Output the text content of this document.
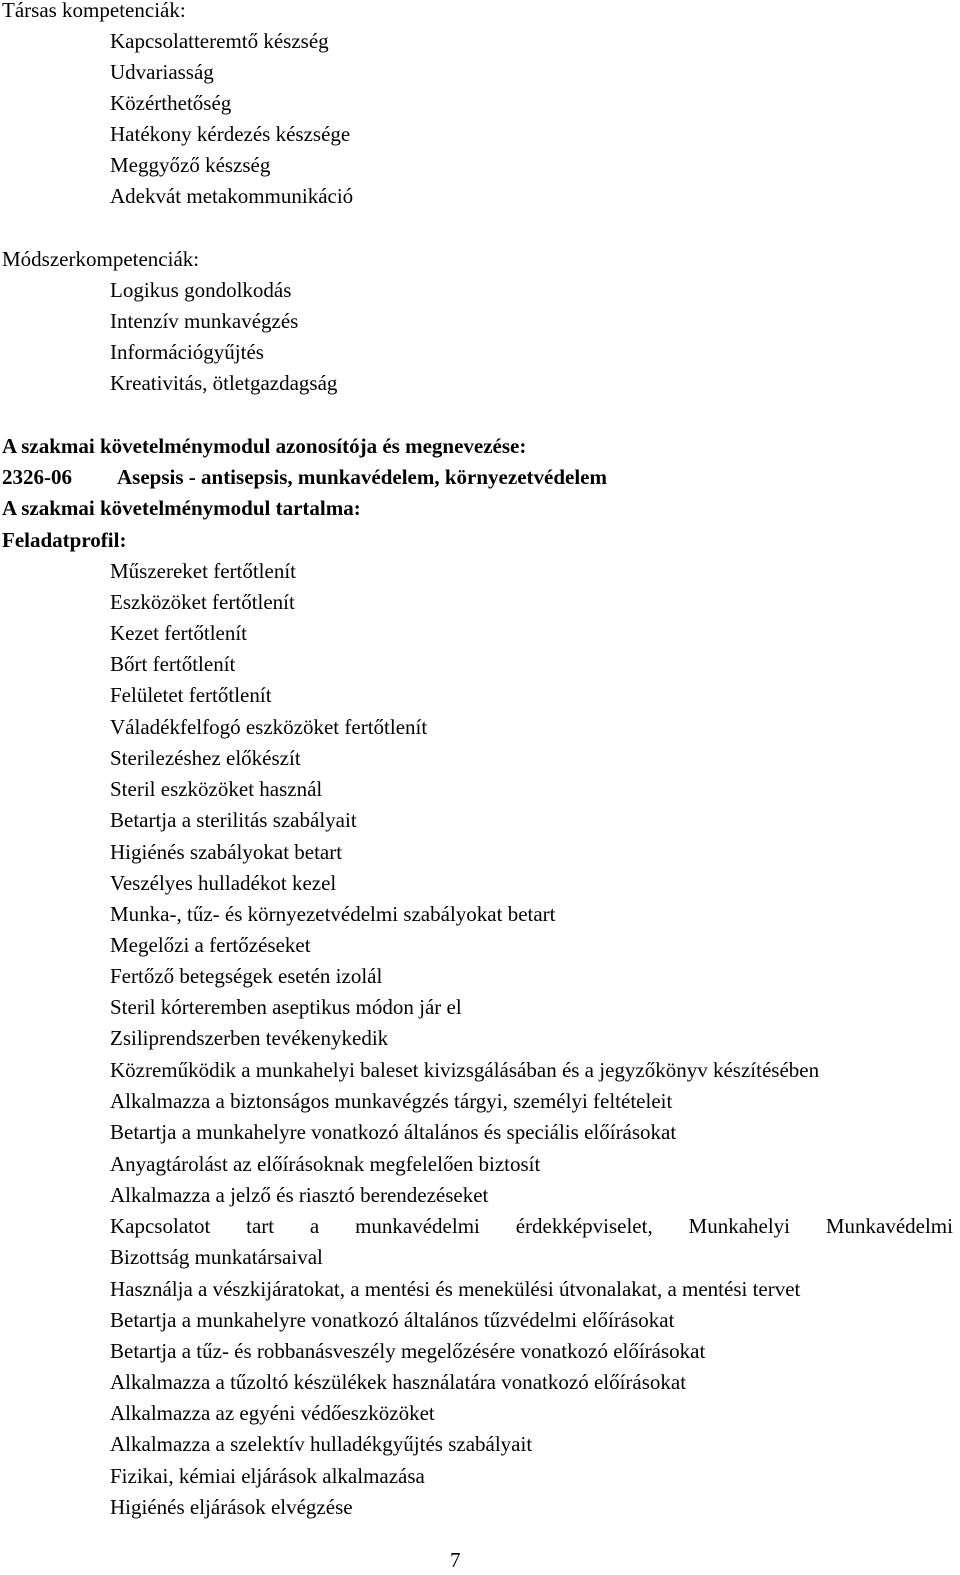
Társas kompetenciák:
Kapcsolatteremtő készség
Udvariasság
Közérthetőség
Hatékony kérdezés készsége
Meggyőző készség
Adekvát metakommunikáció
Módszerkompetenciák:
Logikus gondolkodás
Intenzív munkavégzés
Információgyűjtés
Kreativitás, ötletgazdagság
A szakmai követelménymodul azonosítója és megnevezése:
2326-06 Asepsis - antisepsis, munkavédelem, környezetvédelem
A szakmai követelménymodul tartalma:
Feladatprofil:
Műszereket fertőtlenít
Eszközöket fertőtlenít
Kezet fertőtlenít
Bőrt fertőtlenít
Felületet fertőtlenít
Váladékfelfogó eszközöket fertőtlenít
Sterilezéshez előkészít
Steril eszközöket használ
Betartja a sterilitás szabályait
Higiénés szabályokat betart
Veszélyes hulladékot kezel
Munka-, tűz- és környezetvédelmi szabályokat betart
Megelőzi a fertőzéseket
Fertőző betegségek esetén izolál
Steril kórteremben aseptikus módon jár el
Zsiliprendszerben tevékenykedik
Közreműködik a munkahelyi baleset kivizsgálásában és a jegyzőkönyv készítésében
Alkalmazza a biztonságos munkavégzés tárgyi, személyi feltételeit
Betartja a munkahelyre vonatkozó általános és speciális előírásokat
Anyagtárolást az előírásoknak megfelelően biztosít
Alkalmazza a jelző és riasztó berendezéseket
Kapcsolatot tart a munkavédelmi érdekképviselet, Munkahelyi Munkavédelmi
Bizottság munkatársaival
Használja a vészkijáratokat, a mentési és menekülési útvonalakat, a mentési tervet
Betartja a munkahelyre vonatkozó általános tűzvédelmi előírásokat
Betartja a tűz- és robbanásveszély megelőzésére vonatkozó előírásokat
Alkalmazza a tűzoltó készülékek használatára vonatkozó előírásokat
Alkalmazza az egyéni védőeszközöket
Alkalmazza a szelektív hulladékgyűjtés szabályait
Fizikai, kémiai eljárások alkalmazása
Higiénés eljárások elvégzése
7
